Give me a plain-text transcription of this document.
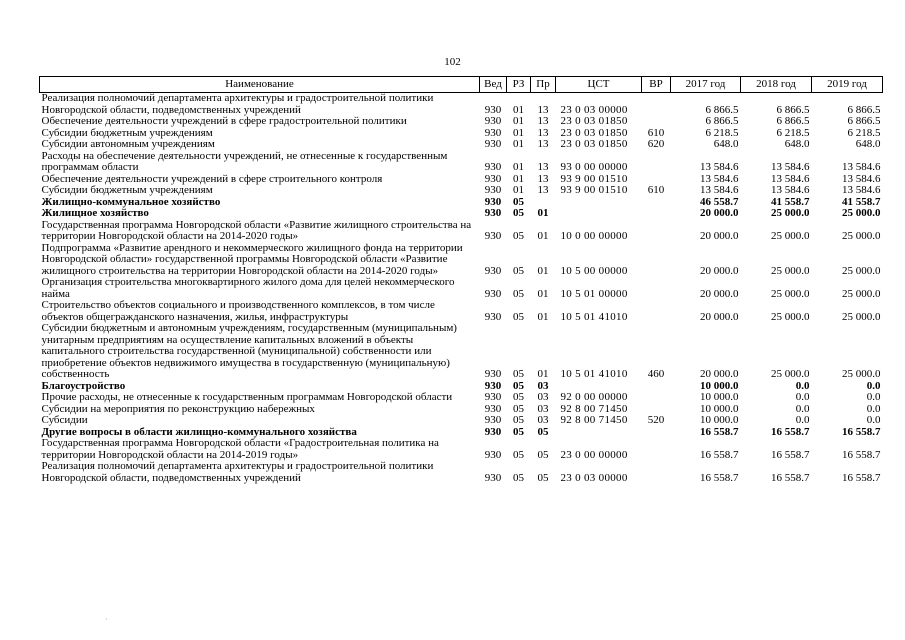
102
Наименование	Вед	РЗ	Пр	ЦСТ	ВР	2017 год	2018 год	2019 год
Реализация полномочий департамента архитектуры и градостроительной политики Новгородской области, подведомственных учреждений	930	01	13	23 0 03 00000		6 866.5	6 866.5	6 866.5
Обеспечение деятельности учреждений в сфере градостроительной политики	930	01	13	23 0 03 01850		6 866.5	6 866.5	6 866.5
Субсидии бюджетным учреждениям	930	01	13	23 0 03 01850	610	6 218.5	6 218.5	6 218.5
Субсидии автономным учреждениям	930	01	13	23 0 03 01850	620	648.0	648.0	648.0
Расходы на обеспечение деятельности учреждений, не отнесенные к государственным программам области	930	01	13	93 0 00 00000		13 584.6	13 584.6	13 584.6
Обеспечение деятельности учреждений в сфере строительного контроля	930	01	13	93 9 00 01510		13 584.6	13 584.6	13 584.6
Субсидии бюджетным учреждениям	930	01	13	93 9 00 01510	610	13 584.6	13 584.6	13 584.6
Жилищно-коммунальное хозяйство	930	05				46 558.7	41 558.7	41 558.7
Жилищное хозяйство	930	05	01			20 000.0	25 000.0	25 000.0
Государственная программа Новгородской области «Развитие жилищного строительства на территории Новгородской области на 2014-2020 годы»	930	05	01	10 0 00 00000		20 000.0	25 000.0	25 000.0
Подпрограмма «Развитие арендного и некоммерческого жилищного фонда на территории Новгородской области» государственной программы Новгородской области «Развитие жилищного строительства на территории Новгородской области на 2014-2020 годы»	930	05	01	10 5 00 00000		20 000.0	25 000.0	25 000.0
Организация строительства многоквартирного жилого дома для целей некоммерческого найма	930	05	01	10 5 01 00000		20 000.0	25 000.0	25 000.0
Строительство объектов социального и производственного комплексов, в том числе объектов общегражданского назначения, жилья, инфраструктуры	930	05	01	10 5 01 41010		20 000.0	25 000.0	25 000.0
Субсидии бюджетным и автономным учреждениям, государственным (муниципальным) унитарным предприятиям на осуществление капитальных вложений в объекты капитального строительства государственной (муниципальной) собственности или приобретение объектов недвижимого имущества в государственную (муниципальную) собственность	930	05	01	10 5 01 41010	460	20 000.0	25 000.0	25 000.0
Благоустройство	930	05	03			10 000.0	0.0	0.0
Прочие расходы, не отнесенные к государственным программам Новгородской области	930	05	03	92 0 00 00000		10 000.0	0.0	0.0
Субсидии на мероприятия по реконструкцию набережных	930	05	03	92 8 00 71450		10 000.0	0.0	0.0
Субсидии	930	05	03	92 8 00 71450	520	10 000.0	0.0	0.0
Другие вопросы в области жилищно-коммунального хозяйства	930	05	05			16 558.7	16 558.7	16 558.7
Государственная программа Новгородской области «Градостроительная политика на территории Новгородской области на 2014-2019 годы»	930	05	05	23 0 00 00000		16 558.7	16 558.7	16 558.7
Реализация полномочий департамента архитектуры и градостроительной политики Новгородской области, подведомственных учреждений	930	05	05	23 0 03 00000		16 558.7	16 558.7	16 558.7
·
